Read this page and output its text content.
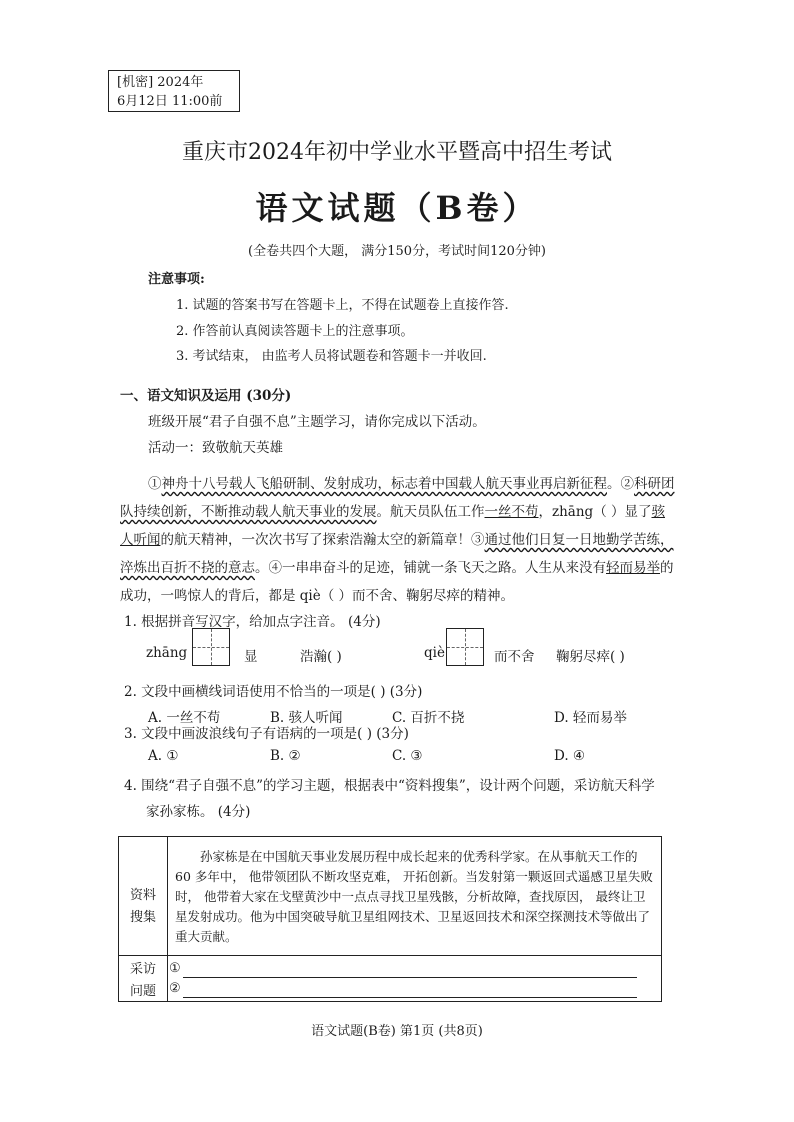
[机密] 2024年
6月12日 11:00前
重庆市2024年初中学业水平暨高中招生考试
语文试题（B卷）
(全卷共四个大题， 满分150分，考试时间120分钟)
注意事项:
1. 试题的答案书写在答题卡上，不得在试题卷上直接作答.
2. 作答前认真阅读答题卡上的注意事项。
3. 考试结束， 由监考人员将试题卷和答题卡一并收回.
一、语文知识及运用 (30分)
班级开展“君子自强不息”主题学习，请你完成以下活动。
活动一：致敬航天英雄
①神舟十八号载人飞船研制、发射成功，标志着中国载人航天事业再启新征程。②科研团
队持续创新，不断推动载人航天事业的发展。航天员队伍工作一丝不苟，zhāng（ ）显了骇
人听闻的航天精神，一次次书写了探索浩瀚太空的新篇章！③通过他们日复一日地勤学苦练，
淬炼出百折不挠的意志。④一串串奋斗的足迹，铺就一条飞天之路。人生从来没有轻而易举的
成功，一鸣惊人的背后，都是 qiè（ ）而不舍、鞠躬尽瘁的精神。
1. 根据拼音写汉字，给加点字注音。 (4分)
zhāng	显	浩瀚( )	qiè	而不舍 鞠躬尽瘁( )
2. 文段中画横线词语使用不恰当的一项是( ) (3分)
A. 一丝不苟	B. 骇人听闻	C. 百折不挠	D. 轻而易举
3. 文段中画波浪线句子有语病的一项是( ) (3分)
A. ①	B. ②	C. ③	D. ④
4. 围绕“君子自强不息”的学习主题，根据表中“资料搜集”，设计两个问题，采访航天科学
家孙家栋。 (4分)
资料
搜集
孙家栋是在中国航天事业发展历程中成长起来的优秀科学家。在从事航天工作的 60 多年中， 他带领团队不断攻坚克难， 开拓创新。当发射第一颗返回式遥感卫星失败时， 他带着大家在戈壁黄沙中一点点寻找卫星残骸，分析故障，查找原因， 最终让卫星发射成功。他为中国突破导航卫星组网技术、卫星返回技术和深空探测技术等做出了重大贡献。
采访
问题
①
②
语文试题(B卷) 第1页 (共8页)
